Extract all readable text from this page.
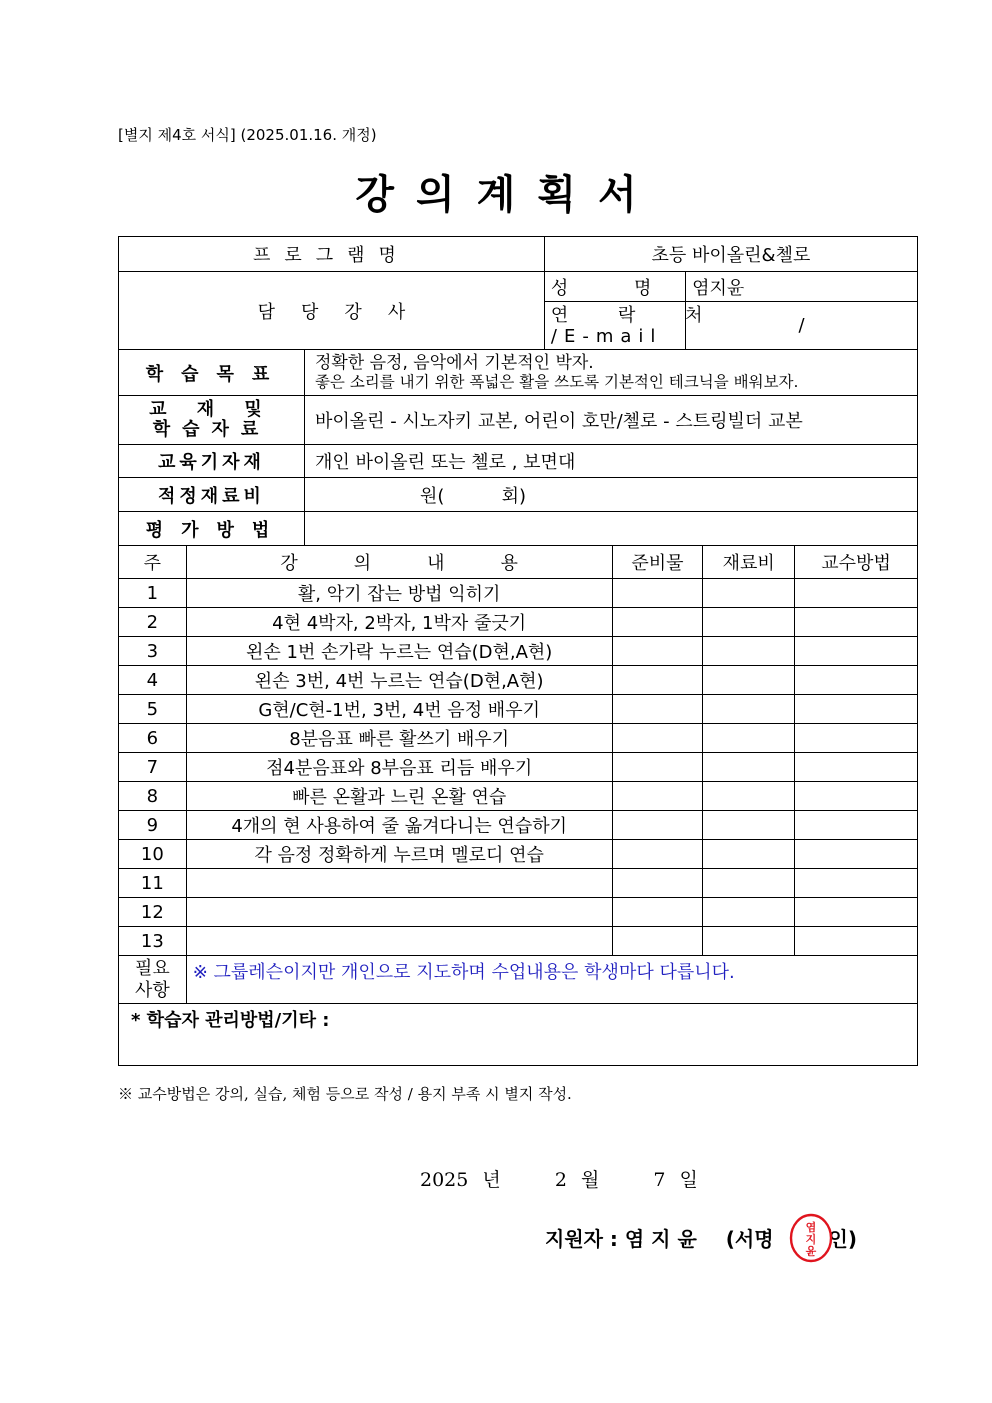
[별지 제4호 서식] (2025.01.16. 개정)
강의계획서
프로그램명			초등 바이올린&첼로				
담당강사			성 명		염지윤		

			연 락 처
/E-mail		/		
학습목표		정확한 음정, 음악에서 기본적인 박자.
좋은 소리를 내기 위한 폭넓은 활을 쓰도록 기본적인 테크닉을 배워보자.					

교 재 및
학습자료		바이올린 - 시노자키 교본, 어린이 호만/첼로 - 스트링빌더 교본					
교육기자재		개인 바이올린 또는 첼로 , 보면대					
적정재료비		원(          회)					
평가방법							
주	강의내용			준비물		재료비	교수방법
1	활, 악기 잡는 방법 익히기						
2	4현 4박자, 2박자, 1박자 줄긋기						
3	왼손 1번 손가락 누르는 연습(D현,A현)						
4	왼손 3번, 4번 누르는 연습(D현,A현)						
5	G현/C현-1번, 3번, 4번 음정 배우기						
6	8분음표 빠른 활쓰기 배우기						
7	점4분음표와 8부음표 리듬 배우기						
8	빠른 온활과 느린 온활 연습						
9	4개의 현 사용하여 줄 옮겨다니는 연습하기						
10	각 음정 정확하게 누르며 멜로디 연습						
11							
12							
13							

필요
사항	※ 그룹레슨이지만 개인으로 지도하며 수업내용은 학생마다 다릅니다.						
* 학습자 관리방법/기타 :							
※ 교수방법은 강의, 실습, 체험 등으로 작성 / 용지 부족 시 별지 작성.
2025 년	2 월	7 일
지원자 : 염 지 윤 (서명	인)
염
지
윤
